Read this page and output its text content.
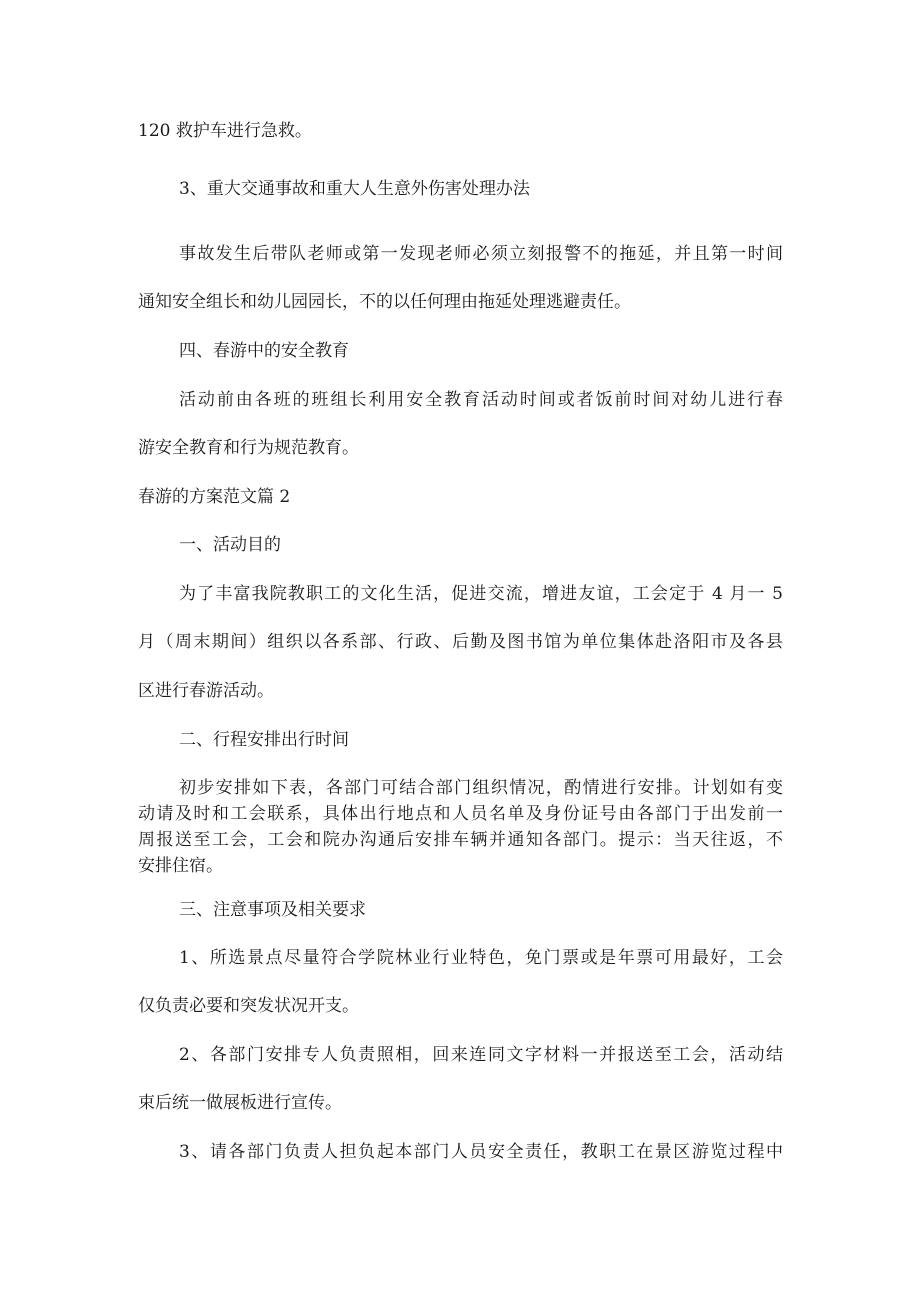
120 救护车进行急救。

3、重大交通事故和重大人生意外伤害处理办法

事故发生后带队老师或第一发现老师必须立刻报警不的拖延，并且第一时间

通知安全组长和幼儿园园长，不的以任何理由拖延处理逃避责任。

四、春游中的安全教育

活动前由各班的班组长利用安全教育活动时间或者饭前时间对幼儿进行春

游安全教育和行为规范教育。

春游的方案范文篇 2

一、活动目的

为了丰富我院教职工的文化生活，促进交流，增进友谊，工会定于 4 月一 5

月（周末期间）组织以各系部、行政、后勤及图书馆为单位集体赴洛阳市及各县

区进行春游活动。

二、行程安排出行时间

初步安排如下表，各部门可结合部门组织情况，酌情进行安排。计划如有变

动请及时和工会联系，具体出行地点和人员名单及身份证号由各部门于出发前一

周报送至工会，工会和院办沟通后安排车辆并通知各部门。提示：当天往返，不

安排住宿。

三、注意事项及相关要求

1、所选景点尽量符合学院林业行业特色，免门票或是年票可用最好，工会

仅负责必要和突发状况开支。

2、各部门安排专人负责照相，回来连同文字材料一并报送至工会，活动结

束后统一做展板进行宣传。

3、请各部门负责人担负起本部门人员安全责任，教职工在景区游览过程中
